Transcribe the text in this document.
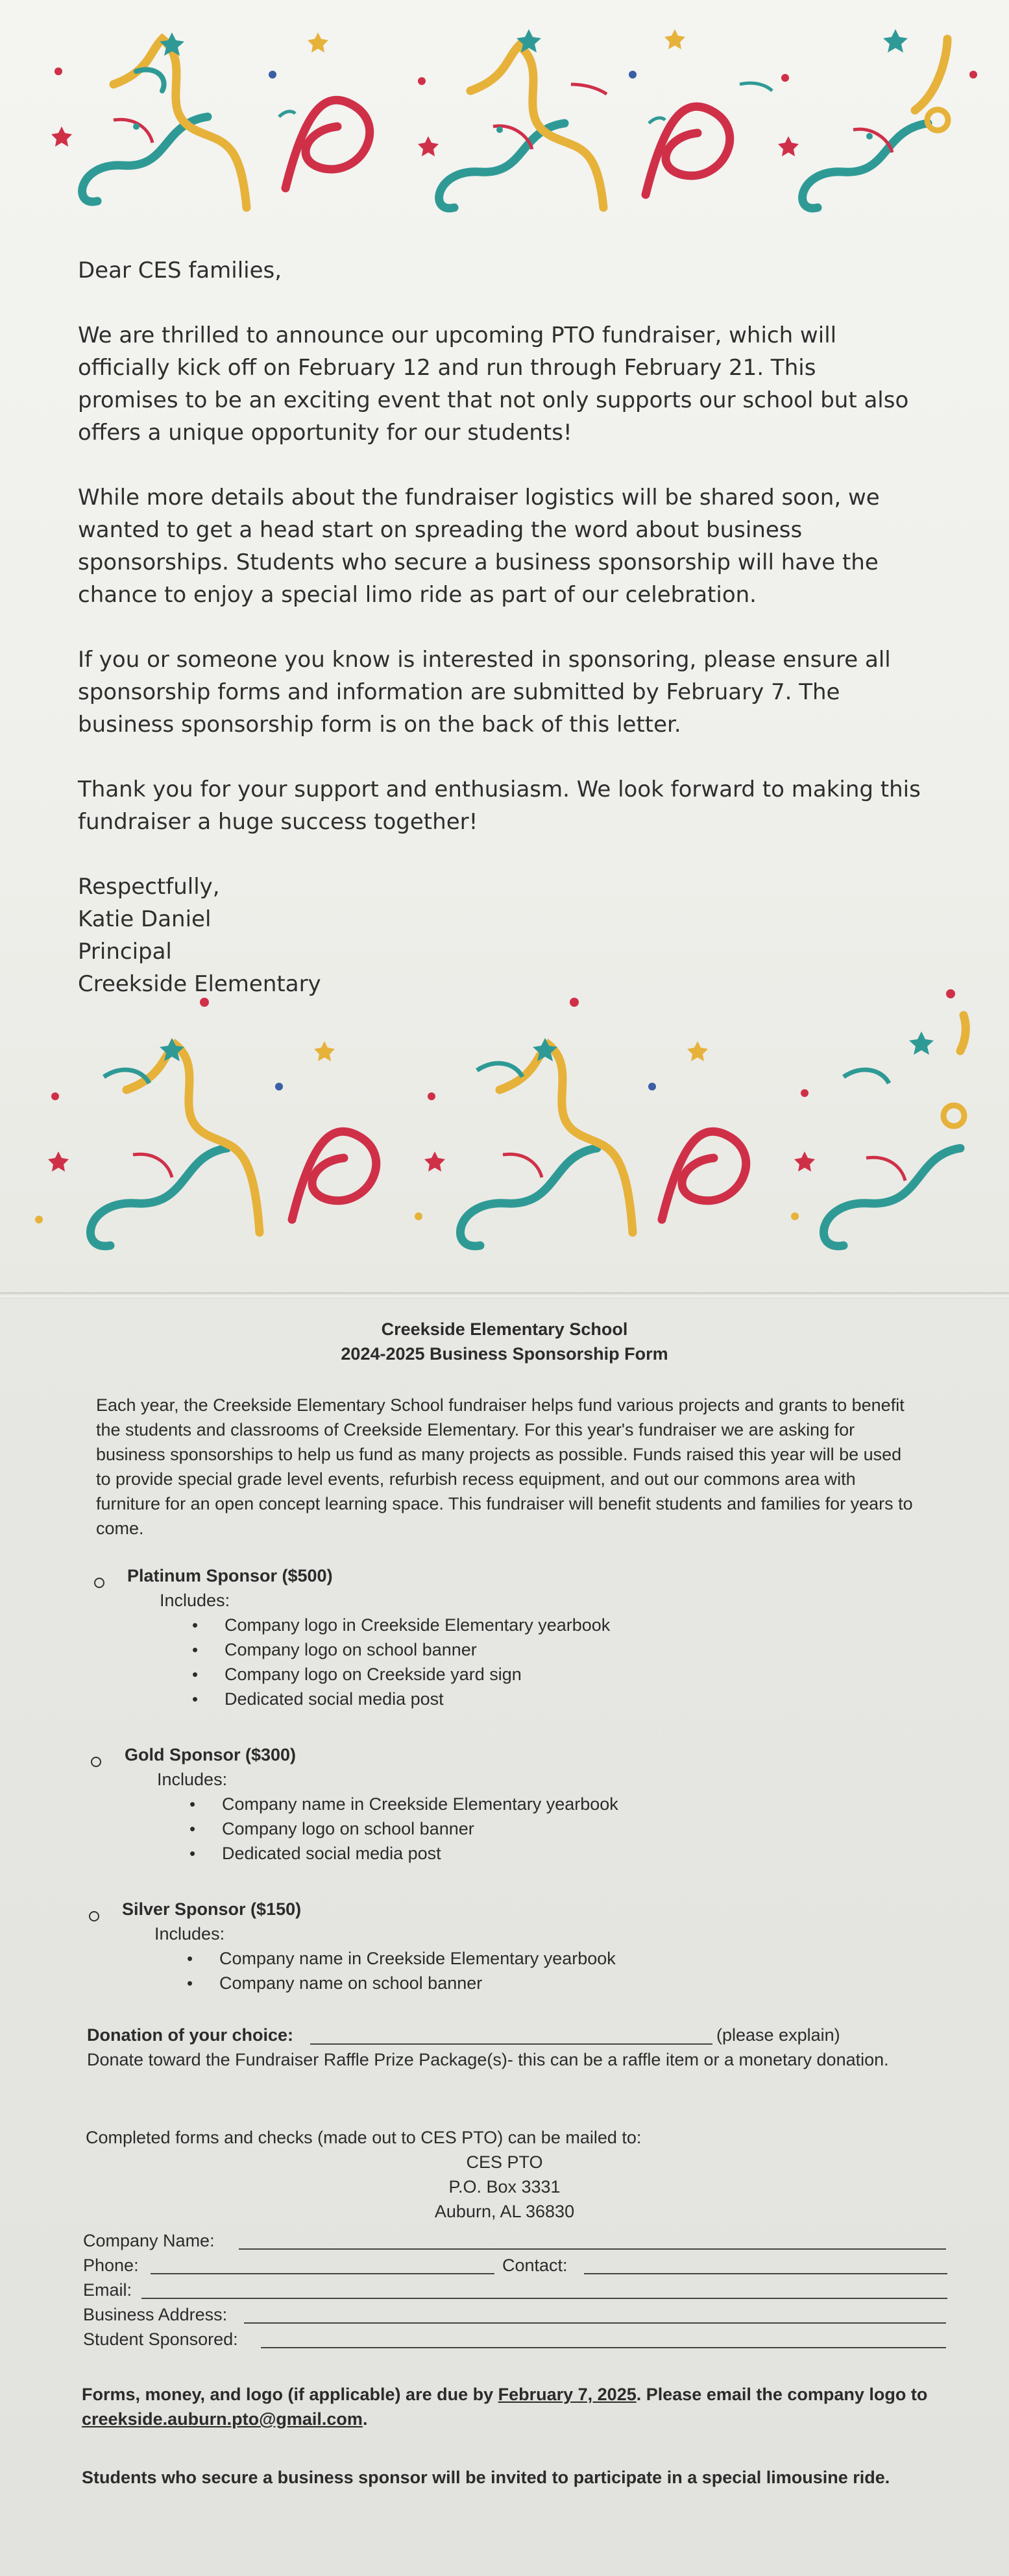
Dear CES families,

We are thrilled to announce our upcoming PTO fundraiser, which will officially kick off on February 12 and run through February 21. This promises to be an exciting event that not only supports our school but also offers a unique opportunity for our students!

While more details about the fundraiser logistics will be shared soon, we wanted to get a head start on spreading the word about business sponsorships. Students who secure a business sponsorship will have the chance to enjoy a special limo ride as part of our celebration.

If you or someone you know is interested in sponsoring, please ensure all sponsorship forms and information are submitted by February 7. The business sponsorship form is on the back of this letter.

Thank you for your support and enthusiasm. We look forward to making this fundraiser a huge success together!

Respectfully,

Katie Daniel

Principal

Creekside Elementary

Creekside Elementary School
2024-2025 Business Sponsorship Form
Each year, the Creekside Elementary School fundraiser helps fund various projects and grants to benefit the students and classrooms of Creekside Elementary. For this year's fundraiser we are asking for business sponsorships to help us fund as many projects as possible. Funds raised this year will be used to provide special grade level events, refurbish recess equipment, and out our commons area with furniture for an open concept learning space. This fundraiser will benefit students and families for years to come.
Platinum Sponsor ($500)
Includes:
• Company logo in Creekside Elementary yearbook
• Company logo on school banner
• Company logo on Creekside yard sign
• Dedicated social media post
Gold Sponsor ($300)
Includes:
• Company name in Creekside Elementary yearbook
• Company logo on school banner
• Dedicated social media post
Silver Sponsor ($150)
Includes:
• Company name in Creekside Elementary yearbook
• Company name on school banner
Donation of your choice:	(please explain)
Donate toward the Fundraiser Raffle Prize Package(s)- this can be a raffle item or a monetary donation.
Completed forms and checks (made out to CES PTO) can be mailed to:
CES PTO
P.O. Box 3331
Auburn, AL 36830
Company Name:
Phone:	Contact:
Email:
Business Address:
Student Sponsored:
Forms, money, and logo (if applicable) are due by February 7, 2025. Please email the company logo to creekside.auburn.pto@gmail.com.
Students who secure a business sponsor will be invited to participate in a special limousine ride.
